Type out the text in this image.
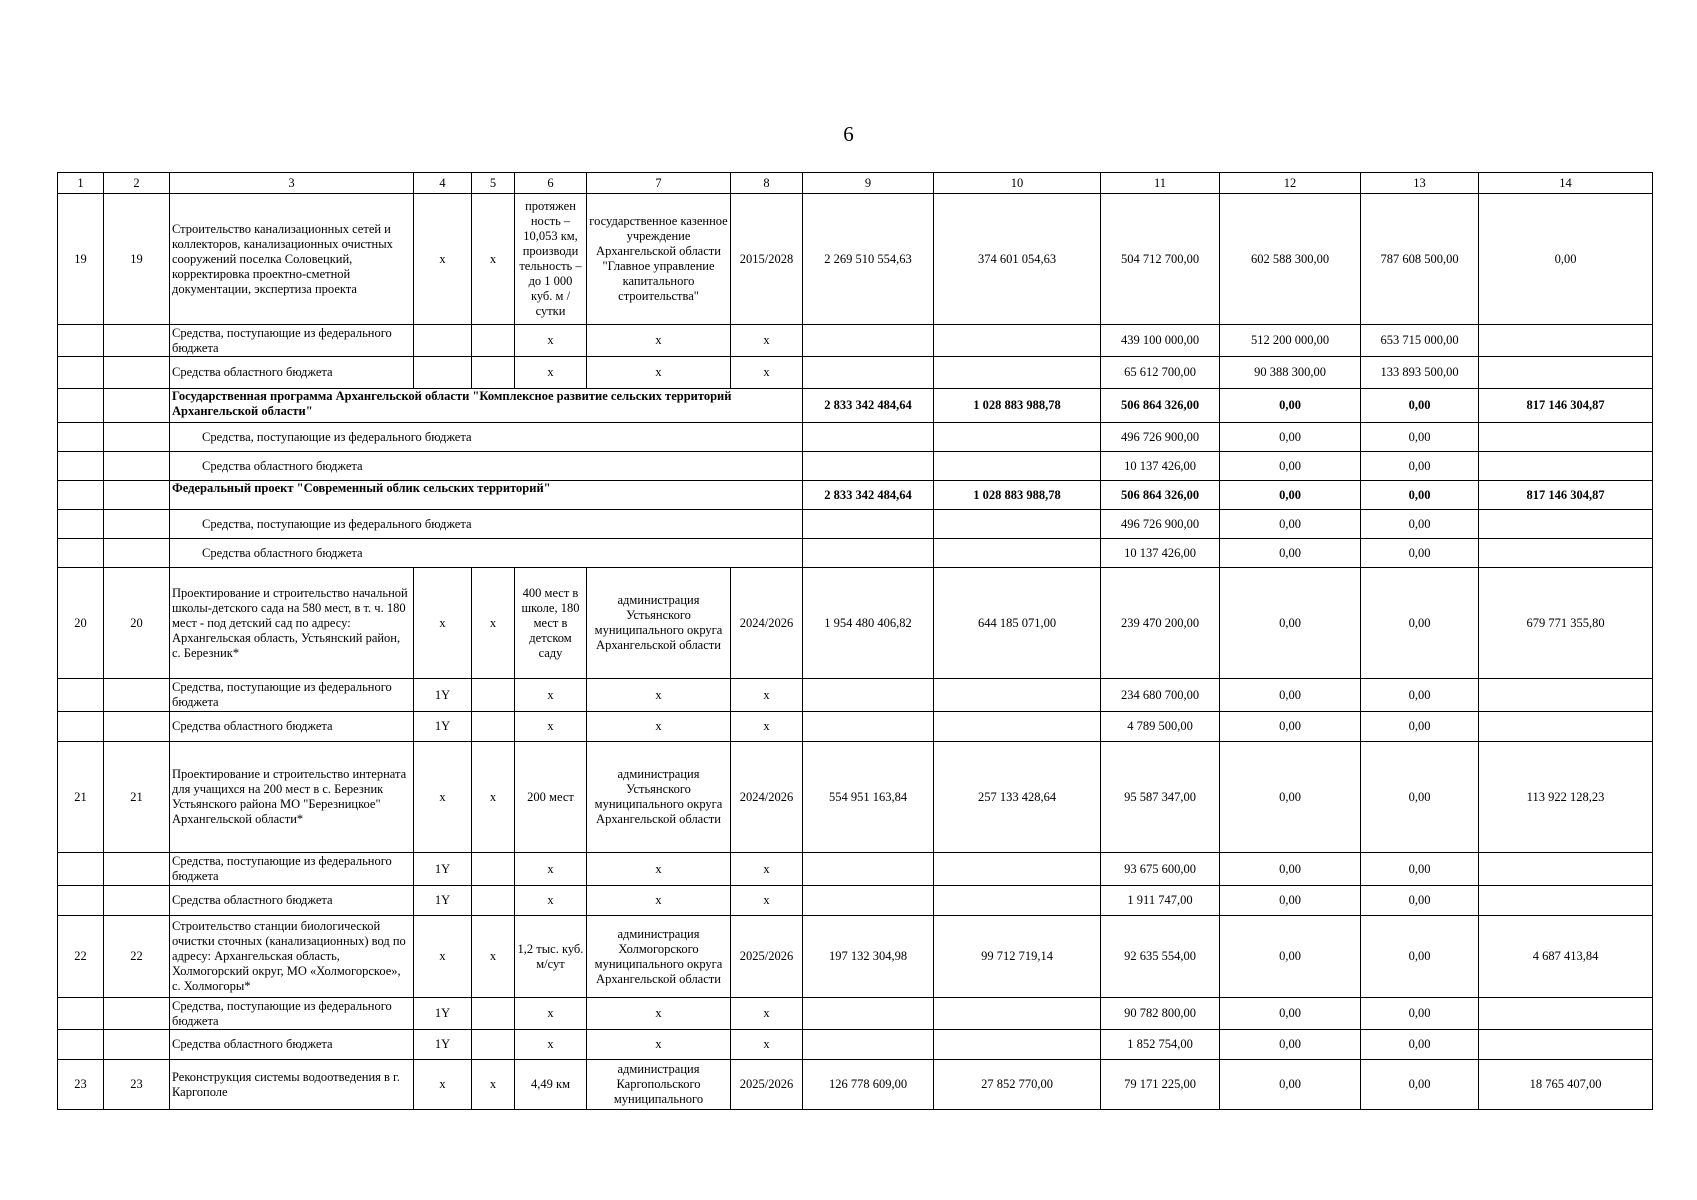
6
1	2	3	4	5	6	7	8	9	10	11	12	13	14
19	19	Строительство канализационных сетей и коллекторов, канализационных очистных сооружений поселка Соловецкий, корректировка проектно-сметной документации, экспертиза проекта	x	x	протяжен ность – 10,053 км, производи тельность – до 1 000 куб. м / сутки	государственное казенное учреждение Архангельской области "Главное управление капитального строительства"	2015/2028	2 269 510 554,63	374 601 054,63	504 712 700,00	602 588 300,00	787 608 500,00	0,00
		Средства, поступающие из федерального бюджета			x	x	x			439 100 000,00	512 200 000,00	653 715 000,00	
		Средства областного бюджета			x	x	x			65 612 700,00	90 388 300,00	133 893 500,00	
		Государственная программа Архангельской области "Комплексное развитие сельских территорий Архангельской области"						2 833 342 484,64	1 028 883 988,78	506 864 326,00	0,00	0,00	817 146 304,87
		Средства, поступающие из федерального бюджета								496 726 900,00	0,00	0,00	
		Средства областного бюджета								10 137 426,00	0,00	0,00	
		Федеральный проект "Современный облик сельских территорий"						2 833 342 484,64	1 028 883 988,78	506 864 326,00	0,00	0,00	817 146 304,87
		Средства, поступающие из федерального бюджета								496 726 900,00	0,00	0,00	
		Средства областного бюджета								10 137 426,00	0,00	0,00	
20	20	Проектирование и строительство начальной школы-детского сада на 580 мест, в т. ч. 180 мест - под детский сад по адресу: Архангельская область, Устьянский район, с. Березник*	x	x	400 мест в школе, 180 мест в детском саду	администрация Устьянского муниципального округа Архангельской области	2024/2026	1 954 480 406,82	644 185 071,00	239 470 200,00	0,00	0,00	679 771 355,80
		Средства, поступающие из федерального бюджета	1Y		x	x	x			234 680 700,00	0,00	0,00	
		Средства областного бюджета	1Y		x	x	x			4 789 500,00	0,00	0,00	
21	21	Проектирование и строительство интерната для учащихся на 200 мест в с. Березник Устьянского района МО "Березницкое" Архангельской области*	x	x	200 мест	администрация Устьянского муниципального округа Архангельской области	2024/2026	554 951 163,84	257 133 428,64	95 587 347,00	0,00	0,00	113 922 128,23
		Средства, поступающие из федерального бюджета	1Y		x	x	x			93 675 600,00	0,00	0,00	
		Средства областного бюджета	1Y		x	x	x			1 911 747,00	0,00	0,00	
22	22	Строительство станции биологической очистки сточных (канализационных) вод по адресу: Архангельская область, Холмогорский округ, МО «Холмогорское», с. Холмогоры*	x	x	1,2 тыс. куб. м/сут	администрация Холмогорского муниципального округа Архангельской области	2025/2026	197 132 304,98	99 712 719,14	92 635 554,00	0,00	0,00	4 687 413,84
		Средства, поступающие из федерального бюджета	1Y		x	x	x			90 782 800,00	0,00	0,00	
		Средства областного бюджета	1Y		x	x	x			1 852 754,00	0,00	0,00	
23	23	Реконструкция системы водоотведения в г. Каргополе	x	x	4,49 км	администрация Каргопольского муниципального	2025/2026	126 778 609,00	27 852 770,00	79 171 225,00	0,00	0,00	18 765 407,00
